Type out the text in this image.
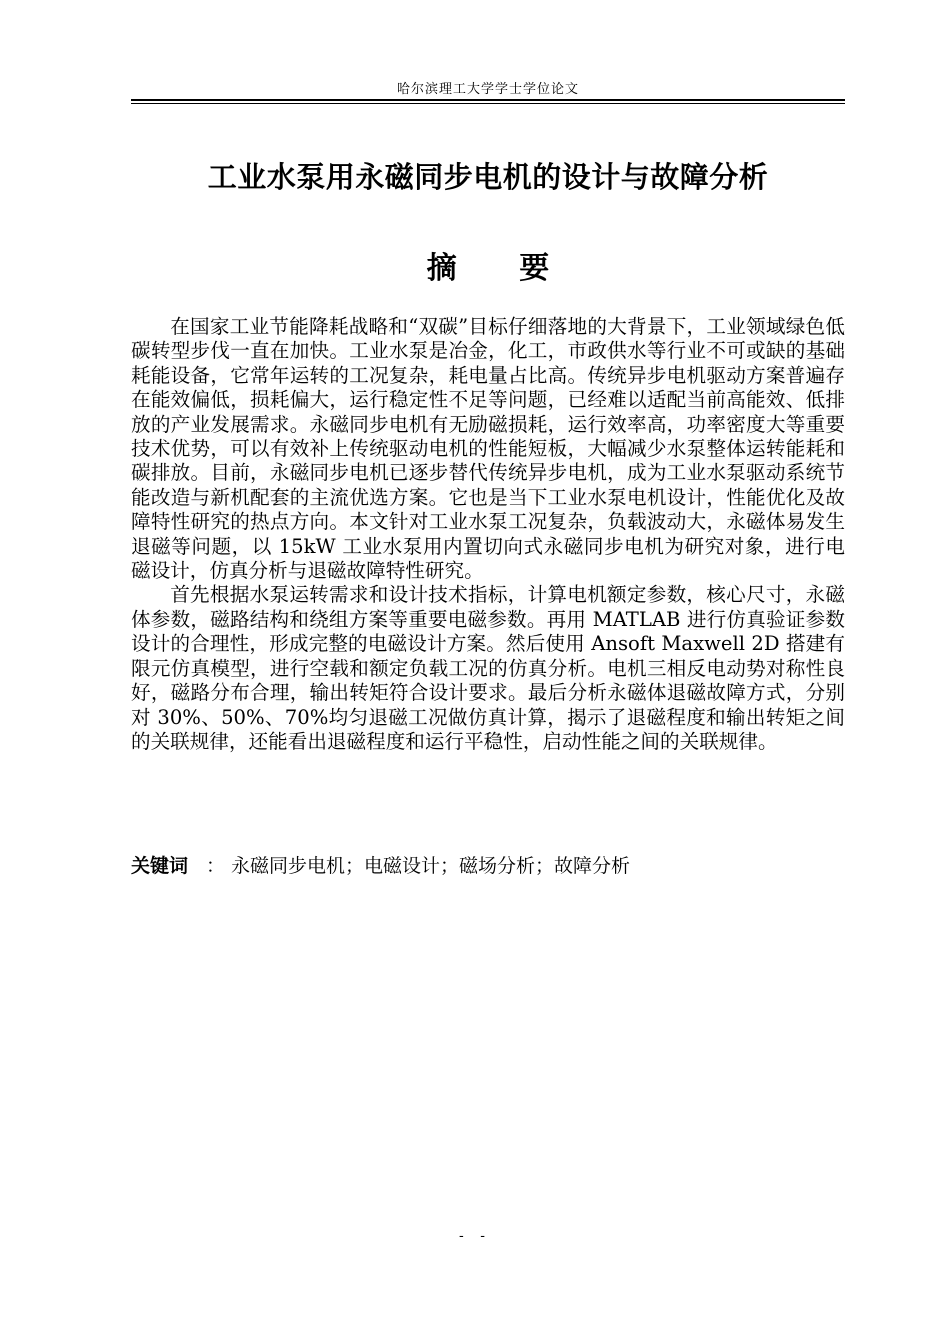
哈尔滨理工大学学士学位论文
工业水泵用永磁同步电机的设计与故障分析
摘 要

在国家工业节能降耗战略和“双碳”目标仔细落地的大背景下，工业领域绿色低碳转型步伐一直在加快。工业水泵是冶金，化工，市政供水等行业不可或缺的基础耗能设备，它常年运转的工况复杂，耗电量占比高。传统异步电机驱动方案普遍存在能效偏低，损耗偏大，运行稳定性不足等问题，已经难以适配当前高能效、低排放的产业发展需求。永磁同步电机有无励磁损耗，运行效率高，功率密度大等重要技术优势，可以有效补上传统驱动电机的性能短板，大幅减少水泵整体运转能耗和碳排放。目前，永磁同步电机已逐步替代传统异步电机，成为工业水泵驱动系统节能改造与新机配套的主流优选方案。它也是当下工业水泵电机设计，性能优化及故障特性研究的热点方向。本文针对工业水泵工况复杂，负载波动大，永磁体易发生退磁等问题，以 15kW 工业水泵用内置切向式永磁同步电机为研究对象，进行电磁设计，仿真分析与退磁故障特性研究。

首先根据水泵运转需求和设计技术指标，计算电机额定参数，核心尺寸，永磁体参数，磁路结构和绕组方案等重要电磁参数。再用 MATLAB 进行仿真验证参数设计的合理性，形成完整的电磁设计方案。然后使用 Ansoft Maxwell 2D 搭建有限元仿真模型，进行空载和额定负载工况的仿真分析。电机三相反电动势对称性良好，磁路分布合理，输出转矩符合设计要求。最后分析永磁体退磁故障方式，分别对 30%、50%、70%均匀退磁工况做仿真计算，揭示了退磁程度和输出转矩之间的关联规律，还能看出退磁程度和运行平稳性，启动性能之间的关联规律。

关键词 ： 永磁同步电机；电磁设计；磁场分析；故障分析
- -
